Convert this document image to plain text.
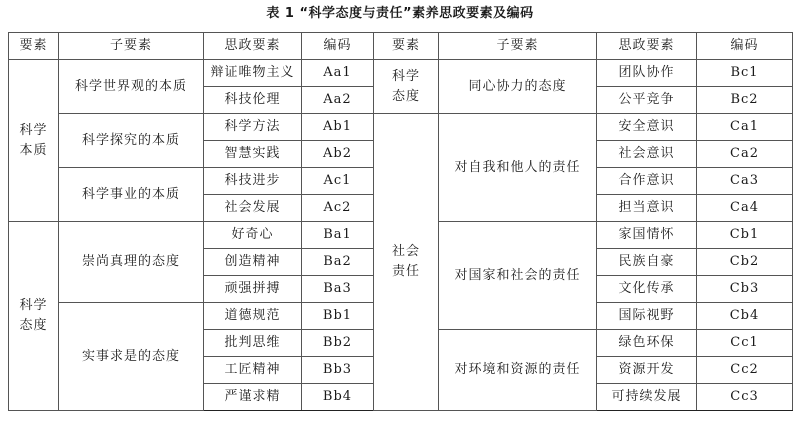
表 1 “科学态度与责任”素养思政要素及编码
要素	子要素	思政要素	编码	要素	子要素	思政要素	编码
科学本质	科学世界观的本质	辩证唯物主义	Aa1	科学态度	同心协力的态度	团队协作	Bc1
		科技伦理	Aa2			公平竞争	Bc2
	科学探究的本质	科学方法	Ab1	社会责任	对自我和他人的责任	安全意识	Ca1
		智慧实践	Ab2			社会意识	Ca2
	科学事业的本质	科技进步	Ac1			合作意识	Ca3
		社会发展	Ac2			担当意识	Ca4
科学态度	崇尚真理的态度	好奇心	Ba1		对国家和社会的责任	家国情怀	Cb1
		创造精神	Ba2			民族自豪	Cb2
		顽强拼搏	Ba3			文化传承	Cb3
	实事求是的态度	道德规范	Bb1			国际视野	Cb4
		批判思维	Bb2		对环境和资源的责任	绿色环保	Cc1
		工匠精神	Bb3			资源开发	Cc2
		严谨求精	Bb4			可持续发展	Cc3
